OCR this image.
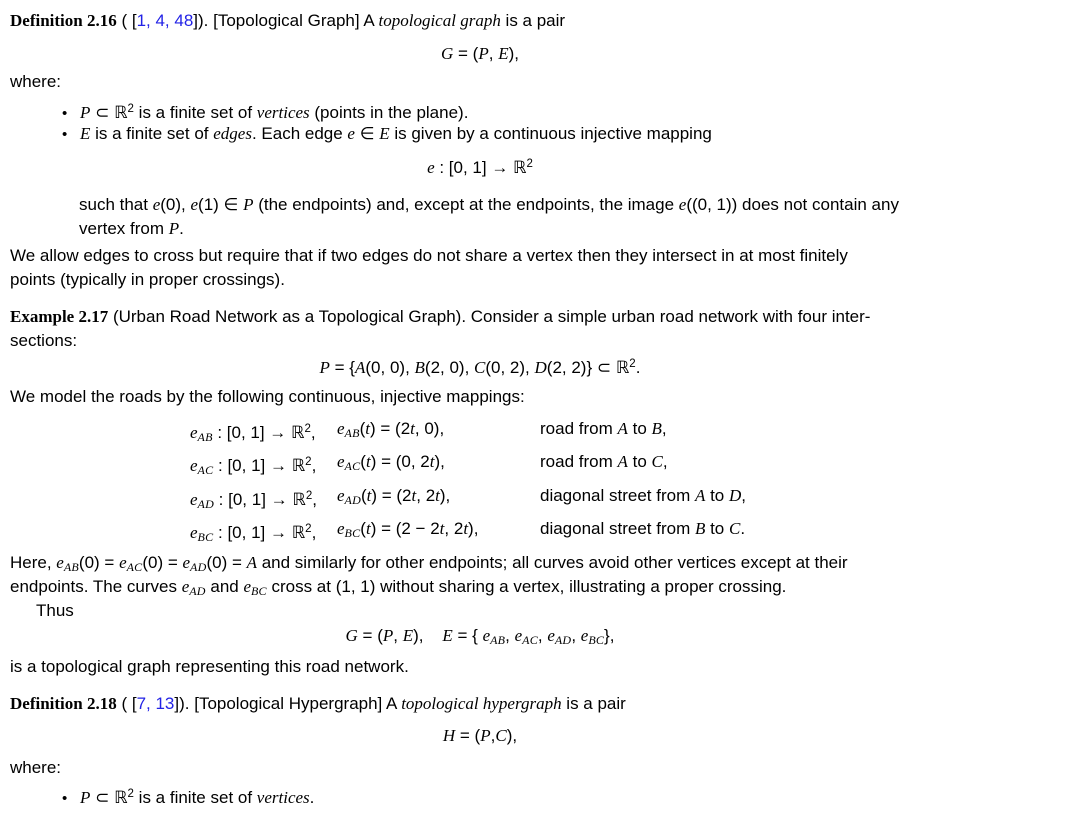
Definition 2.16 ( [1, 4, 48]). [Topological Graph] A topological graph is a pair
G = (P, E),
where:
• P ⊂ ℝ$^2$ is a finite set of vertices (points in the plane).
• E is a finite set of edges. Each edge e ∈ E is given by a continuous injective mapping
e : [0, 1] → ℝ$^2$
such that e(0), e(1) ∈ P (the endpoints) and, except at the endpoints, the image e((0, 1)) does not contain any
vertex from P.
We allow edges to cross but require that if two edges do not share a vertex then they intersect in at most finitely
points (typically in proper crossings).
Example 2.17 (Urban Road Network as a Topological Graph). Consider a simple urban road network with four inter-
sections:
P = {A(0, 0), B(2, 0), C(0, 2), D(2, 2)} ⊂ ℝ$^2$.
We model the roads by the following continuous, injective mappings:
eAB : [0, 1] → ℝ$^2$,	eAB(t) = (2t, 0),	road from A to B,
eAC : [0, 1] → ℝ$^2$,	eAC(t) = (0, 2t),	road from A to C,
eAD : [0, 1] → ℝ$^2$,	eAD(t) = (2t, 2t),	diagonal street from A to D,
eBC : [0, 1] → ℝ$^2$,	eBC(t) = (2 − 2t, 2t),	diagonal street from B to C.
Here, eAB(0) = eAC(0) = eAD(0) = A and similarly for other endpoints; all curves avoid other vertices except at their
endpoints. The curves eAD and eBC cross at (1, 1) without sharing a vertex, illustrating a proper crossing.
Thus
G = (P, E),    E = { eAB, eAC, eAD, eBC},
is a topological graph representing this road network.
Definition 2.18 ( [7, 13]). [Topological Hypergraph] A topological hypergraph is a pair
H = (P,C),
where:
• P ⊂ ℝ$^2$ is a finite set of vertices.
